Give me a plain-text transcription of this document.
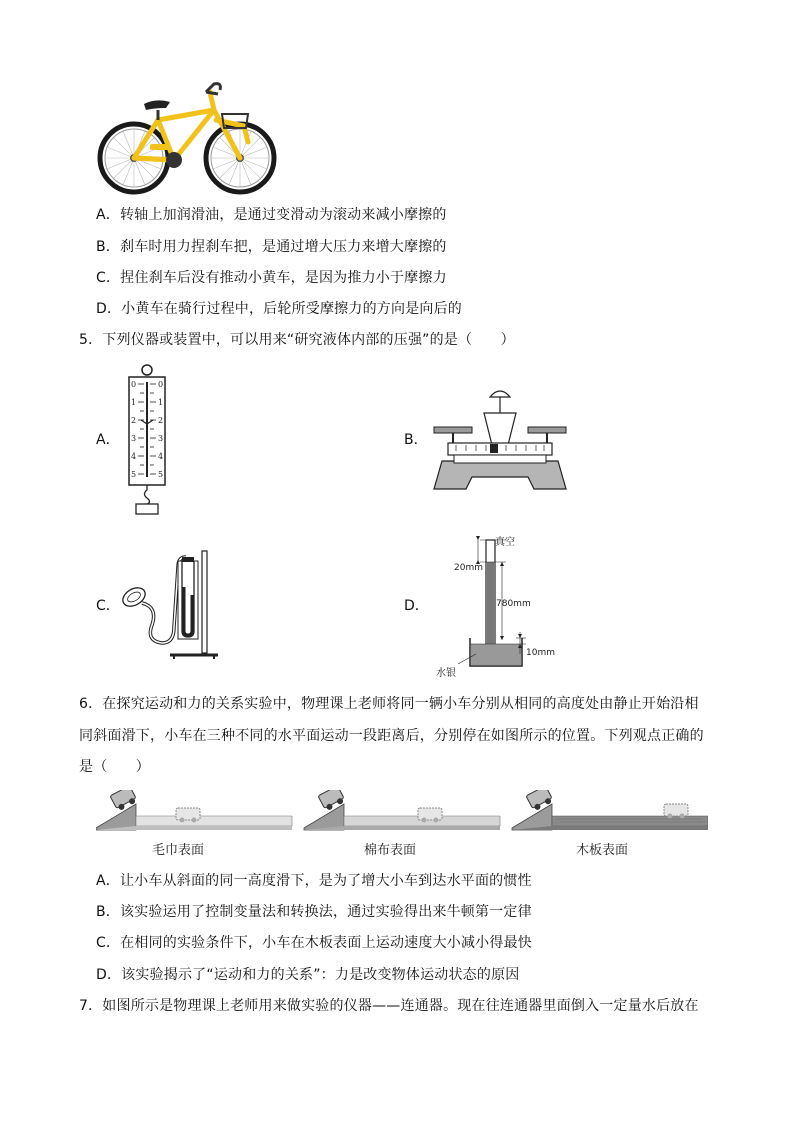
A．转轴上加润滑油，是通过变滑动为滚动来减小摩擦的
B．刹车时用力捏刹车把，是通过增大压力来增大摩擦的
C．捏住刹车后没有推动小黄车，是因为推力小于摩擦力
D．小黄车在骑行过程中，后轮所受摩擦力的方向是向后的
5．下列仪器或装置中，可以用来“研究液体内部的压强”的是（　　）
A．	B．
C．	D．
0	0
1	1
2	2
3	3
4	4
5	5
真空
20mm
780mm
10mm
水银
6．在探究运动和力的关系实验中，物理课上老师将同一辆小车分别从相同的高度处由静止开始沿相
同斜面滑下，小车在三种不同的水平面运动一段距离后，分别停在如图所示的位置。下列观点正确的
是（　　）
毛巾表面	棉布表面	木板表面
A．让小车从斜面的同一高度滑下，是为了增大小车到达水平面的惯性
B．该实验运用了控制变量法和转换法，通过实验得出来牛顿第一定律
C．在相同的实验条件下，小车在木板表面上运动速度大小减小得最快
D．该实验揭示了“运动和力的关系”：力是改变物体运动状态的原因
7．如图所示是物理课上老师用来做实验的仪器——连通器。现在往连通器里面倒入一定量水后放在
